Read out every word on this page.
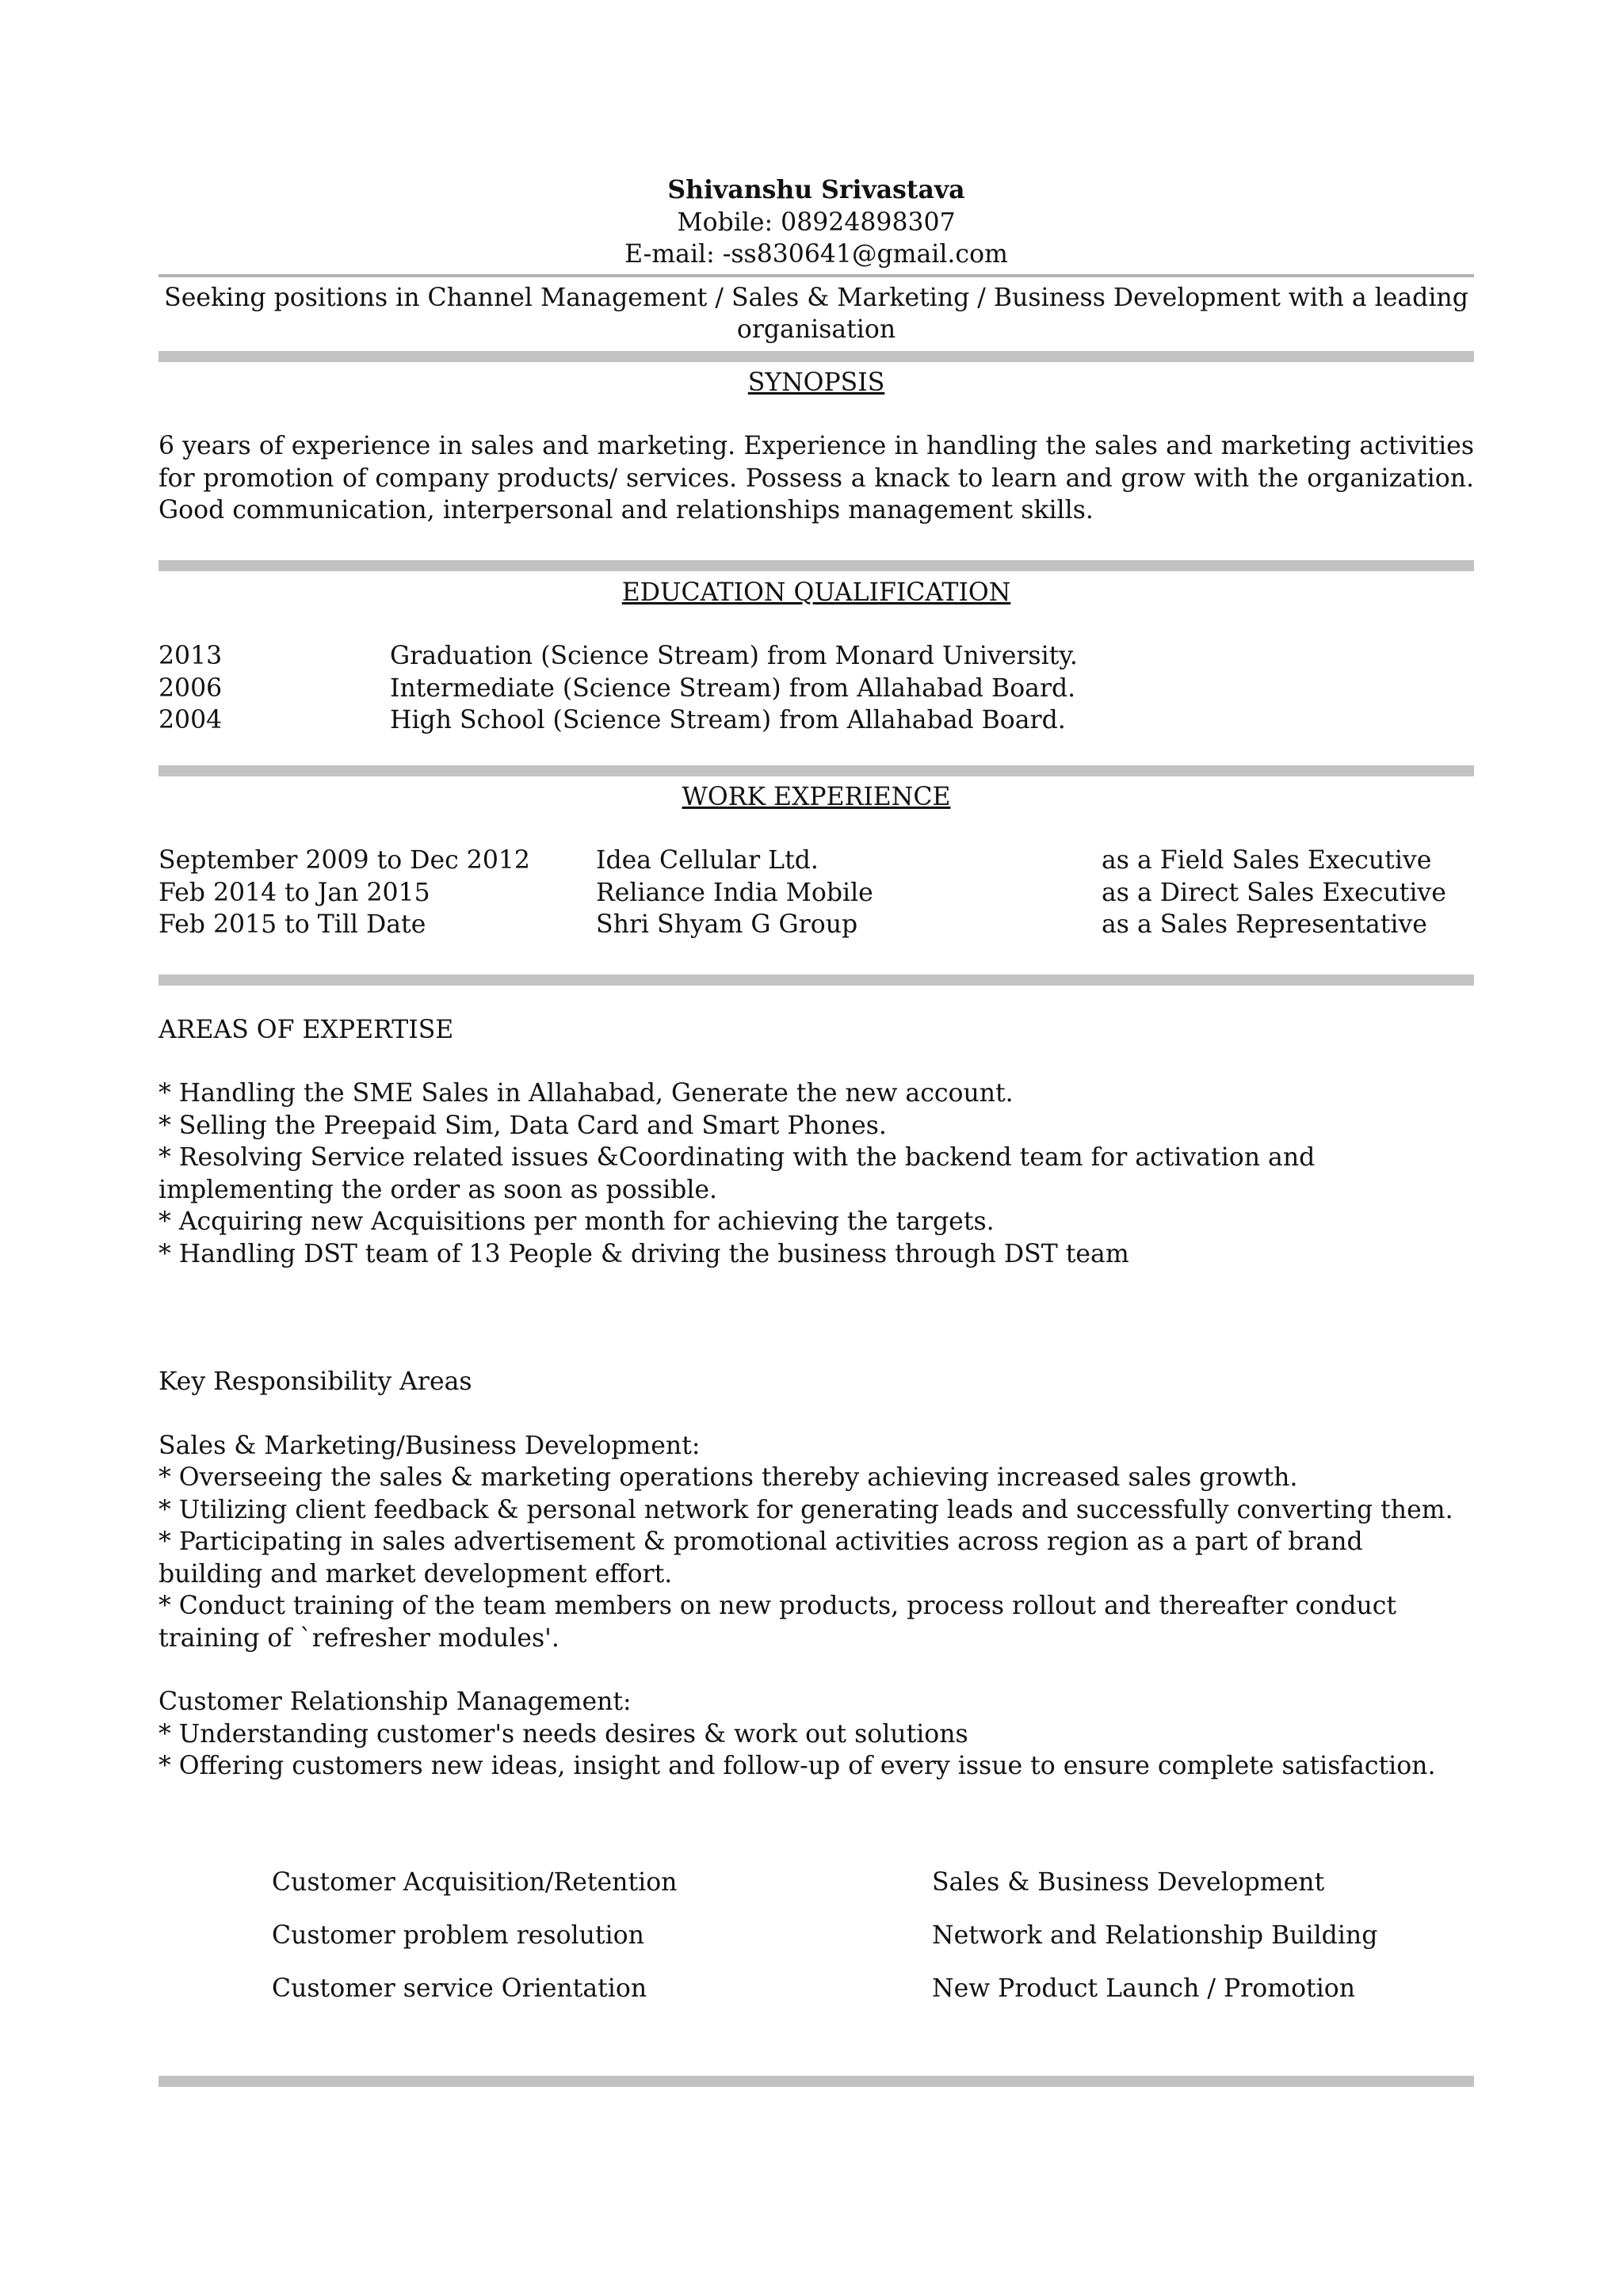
Shivanshu Srivastava
Mobile: 08924898307
E-mail: -ss830641@gmail.com
Seeking positions in Channel Management / Sales & Marketing / Business Development with a leading organisation
SYNOPSIS
6 years of experience in sales and marketing. Experience in handling the sales and marketing activities for promotion of company products/ services. Possess a knack to learn and grow with the organization. Good communication, interpersonal and relationships management skills.
EDUCATION QUALIFICATION
2013	Graduation (Science Stream) from Monard University.
2006	Intermediate (Science Stream) from Allahabad Board.
2004	High School (Science Stream) from Allahabad Board.
WORK EXPERIENCE
September 2009 to Dec 2012	Idea Cellular Ltd.	as a Field Sales Executive
Feb 2014 to Jan 2015	Reliance India Mobile	as a Direct Sales Executive
Feb 2015 to Till Date	Shri Shyam G Group	as a Sales Representative
AREAS OF EXPERTISE
* Handling the SME Sales in Allahabad, Generate the new account.
* Selling the Preepaid Sim, Data Card and Smart Phones.
* Resolving Service related issues &Coordinating with the backend team for activation and implementing the order as soon as possible.
* Acquiring new Acquisitions per month for achieving the targets.
* Handling DST team of 13 People & driving the business through DST team
Key Responsibility Areas
Sales & Marketing/Business Development:
* Overseeing the sales & marketing operations thereby achieving increased sales growth.
* Utilizing client feedback & personal network for generating leads and successfully converting them.
* Participating in sales advertisement & promotional activities across region as a part of brand building and market development effort.
* Conduct training of the team members on new products, process rollout and thereafter conduct training of `refresher modules'.
Customer Relationship Management:
* Understanding customer's needs desires & work out solutions
* Offering customers new ideas, insight and follow-up of every issue to ensure complete satisfaction.
Customer Acquisition/Retention	Sales & Business Development
Customer problem resolution	Network and Relationship Building
Customer service Orientation	New Product Launch / Promotion
